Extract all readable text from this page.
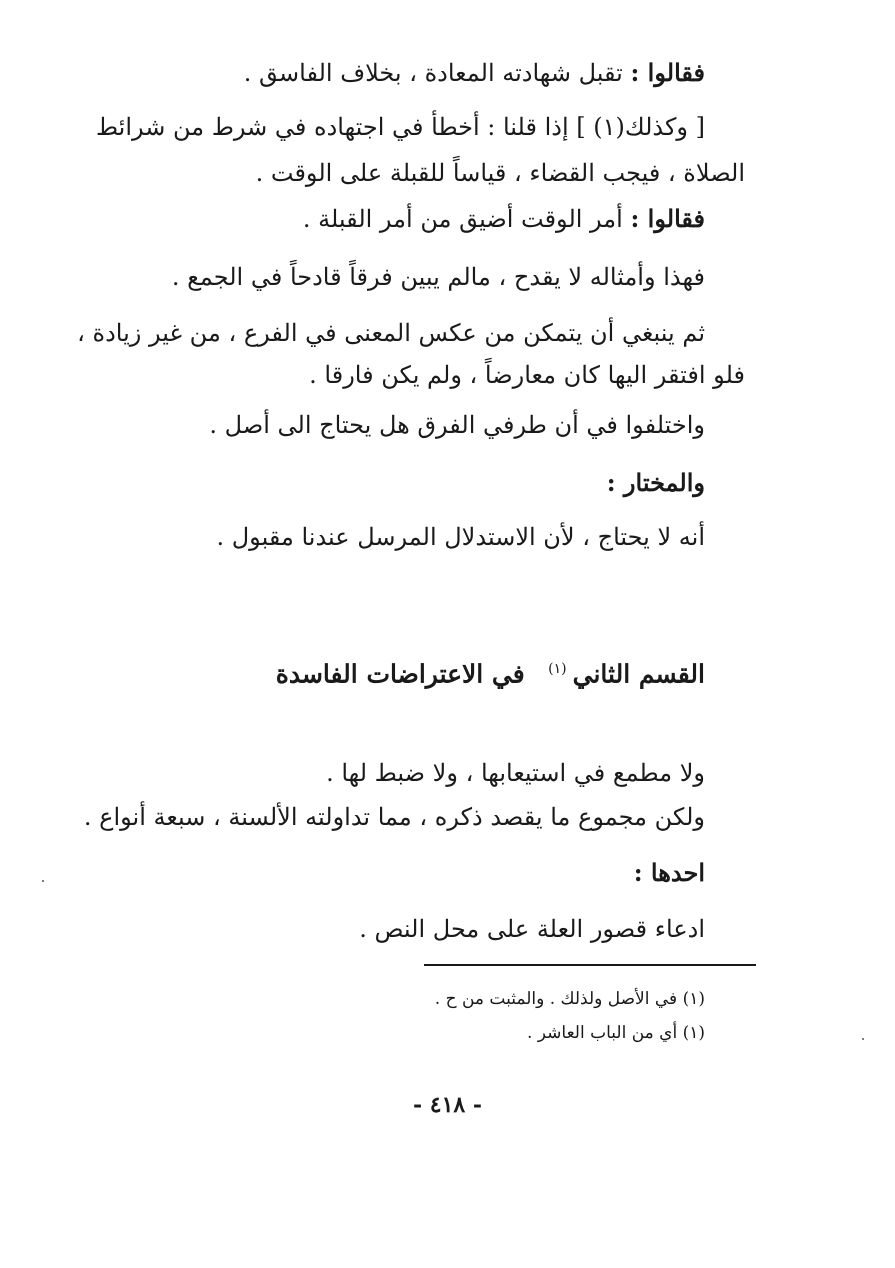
فقالوا : تقبل شهادته المعادة ، بخلاف الفاسق .
[ وكذلك(١) ] إذا قلنا : أخطأ في اجتهاده في شرط من شرائط
الصلاة ، فيجب القضاء ، قياساً للقبلة على الوقت .
فقالوا : أمر الوقت أضيق من أمر القبلة .
فهذا وأمثاله لا يقدح ، مالم يبين فرقاً قادحاً في الجمع .
ثم ينبغي أن يتمكن من عكس المعنى في الفرع ، من غير زيادة ،
فلو افتقر اليها كان معارضاً ، ولم يكن فارقا .
واختلفوا في أن طرفي الفرق هل يحتاج الى أصل .
والمختار :
أنه لا يحتاج ، لأن الاستدلال المرسل عندنا مقبول .
القسم الثاني$^{(١)}$  في الاعتراضات الفاسدة
ولا مطمع في استيعابها ، ولا ضبط لها .
ولكن مجموع ما يقصد ذكره ، مما تداولته الألسنة ، سبعة أنواع .
احدها :
ادعاء قصور العلة على محل النص .
(١) في الأصل ولذلك . والمثبت من ح .
(١) أي من الباب العاشر .
- ٤١٨ -
